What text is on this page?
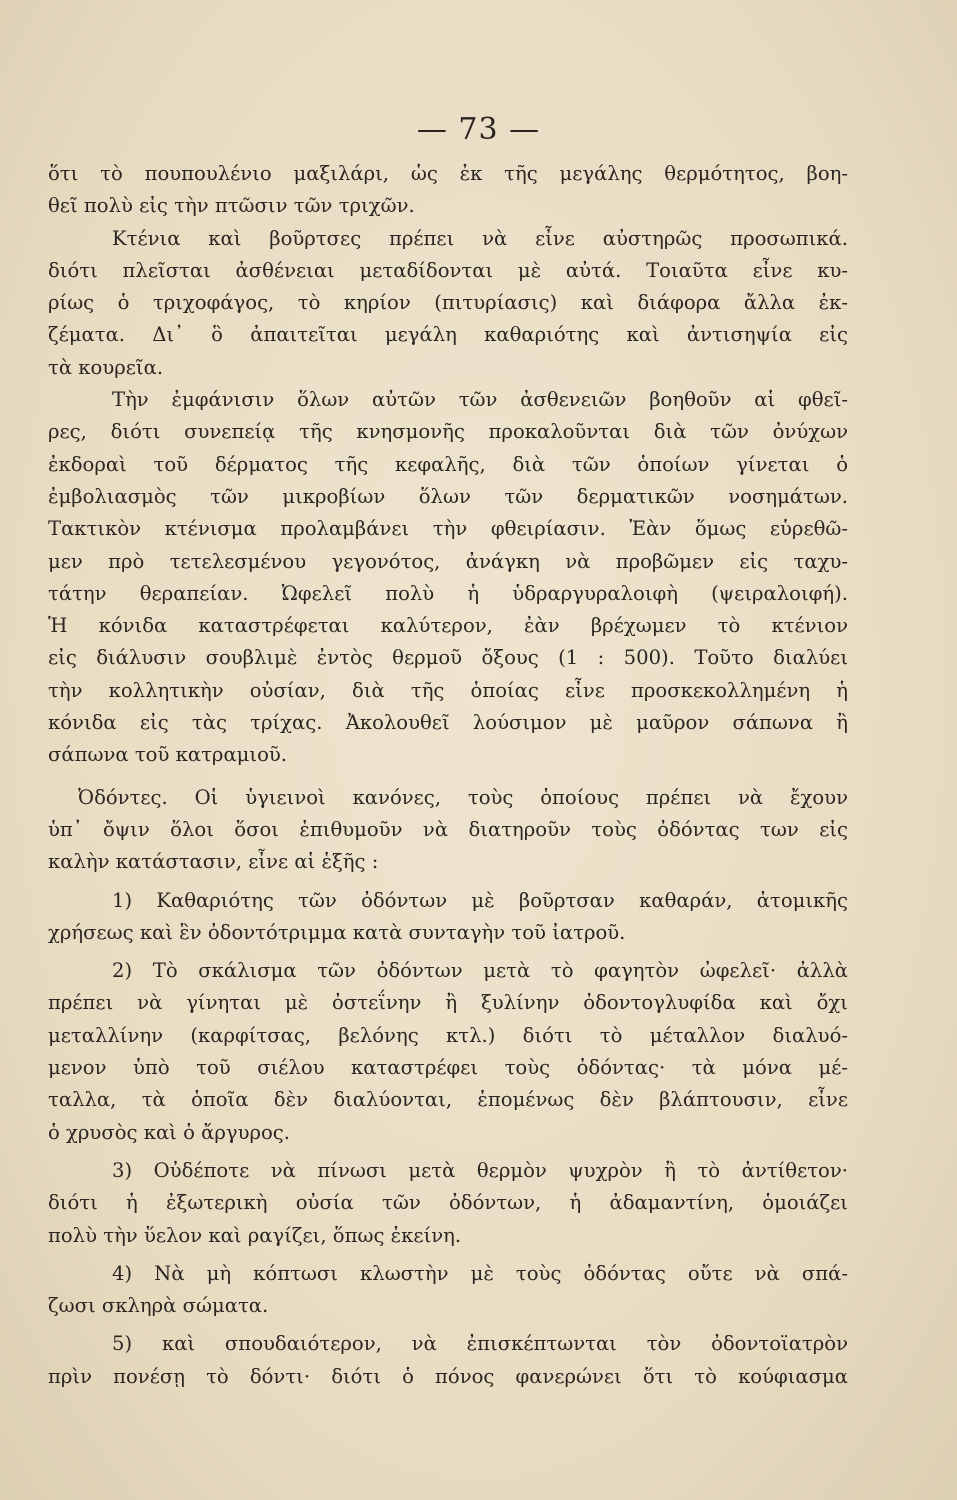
— 73 —
ὅτι τὸ πουπουλένιο μαξιλάρι, ὡς ἐκ τῆς μεγάλης θερμότητος, βοη-
θεῖ πολὺ εἰς τὴν πτῶσιν τῶν τριχῶν.
Κτένια καὶ βοῦρτσες πρέπει νὰ εἶνε αὐστηρῶς προσωπικά.
διότι πλεῖσται ἀσθένειαι μεταδίδονται μὲ αὐτά. Τοιαῦτα εἶνε κυ-
ρίως ὁ τριχοφάγος, τὸ κηρίον (πιτυρίασις) καὶ διάφορα ἄλλα ἐκ-
ζέματα. Δι᾽ ὃ ἀπαιτεῖται μεγάλη καθαριότης καὶ ἀντισηψία εἰς
τὰ κουρεῖα.
Τὴν ἐμφάνισιν ὅλων αὐτῶν τῶν ἀσθενειῶν βοηθοῦν αἱ φθεῖ-
ρες, διότι συνεπείᾳ τῆς κνησμονῆς προκαλοῦνται διὰ τῶν ὀνύχων
ἐκδοραὶ τοῦ δέρματος τῆς κεφαλῆς, διὰ τῶν ὁποίων γίνεται ὁ
ἐμβολιασμὸς τῶν μικροβίων ὅλων τῶν δερματικῶν νοσημάτων.
Τακτικὸν κτένισμα προλαμβάνει τὴν φθειρίασιν. Ἐὰν ὅμως εὑρεθῶ-
μεν πρὸ τετελεσμένου γεγονότος, ἀνάγκη νὰ προβῶμεν εἰς ταχυ-
τάτην θεραπείαν. Ὠφελεῖ πολὺ ἡ ὑδραργυραλοιφὴ (ψειραλοιφή).
Ἡ κόνιδα καταστρέφεται καλύτερον, ἐὰν βρέχωμεν τὸ κτένιον
εἰς διάλυσιν σουβλιμὲ ἐντὸς θερμοῦ ὄξους (1 : 500). Τοῦτο διαλύει
τὴν κολλητικὴν οὐσίαν, διὰ τῆς ὁποίας εἶνε προσκεκολλημένη ἡ
κόνιδα εἰς τὰς τρίχας. Ἀκολουθεῖ λούσιμον μὲ μαῦρον σάπωνα ἢ
σάπωνα τοῦ κατραμιοῦ.
Ὀδόντες. Οἱ ὑγιεινοὶ κανόνες, τοὺς ὁποίους πρέπει νὰ ἔχουν
ὑπ᾽ ὄψιν ὅλοι ὅσοι ἐπιθυμοῦν νὰ διατηροῦν τοὺς ὀδόντας των εἰς
καλὴν κατάστασιν, εἶνε αἱ ἑξῆς :
1) Καθαριότης τῶν ὀδόντων μὲ βοῦρτσαν καθαράν, ἀτομικῆς
χρήσεως καὶ ἓν ὀδοντότριμμα κατὰ συνταγὴν τοῦ ἰατροῦ.
2) Τὸ σκάλισμα τῶν ὀδόντων μετὰ τὸ φαγητὸν ὠφελεῖ· ἀλλὰ
πρέπει νὰ γίνηται μὲ ὀστεΐνην ἢ ξυλίνην ὀδοντογλυφίδα καὶ ὄχι
μεταλλίνην (καρφίτσας, βελόνης κτλ.) διότι τὸ μέταλλον διαλυό-
μενον ὑπὸ τοῦ σιέλου καταστρέφει τοὺς ὀδόντας· τὰ μόνα μέ-
ταλλα, τὰ ὁποῖα δὲν διαλύονται, ἑπομένως δὲν βλάπτουσιν, εἶνε
ὁ χρυσὸς καὶ ὁ ἄργυρος.
3) Οὐδέποτε νὰ πίνωσι μετὰ θερμὸν ψυχρὸν ἢ τὸ ἀντίθετον·
διότι ἡ ἐξωτερικὴ οὐσία τῶν ὀδόντων, ἡ ἀδαμαντίνη, ὁμοιάζει
πολὺ τὴν ὕελον καὶ ραγίζει, ὅπως ἐκείνη.
4) Νὰ μὴ κόπτωσι κλωστὴν μὲ τοὺς ὀδόντας οὔτε νὰ σπά-
ζωσι σκληρὰ σώματα.
5) καὶ σπουδαιότερον, νὰ ἐπισκέπτωνται τὸν ὀδοντοϊατρὸν
πρὶν πονέσῃ τὸ δόντι· διότι ὁ πόνος φανερώνει ὅτι τὸ κούφιασμα
